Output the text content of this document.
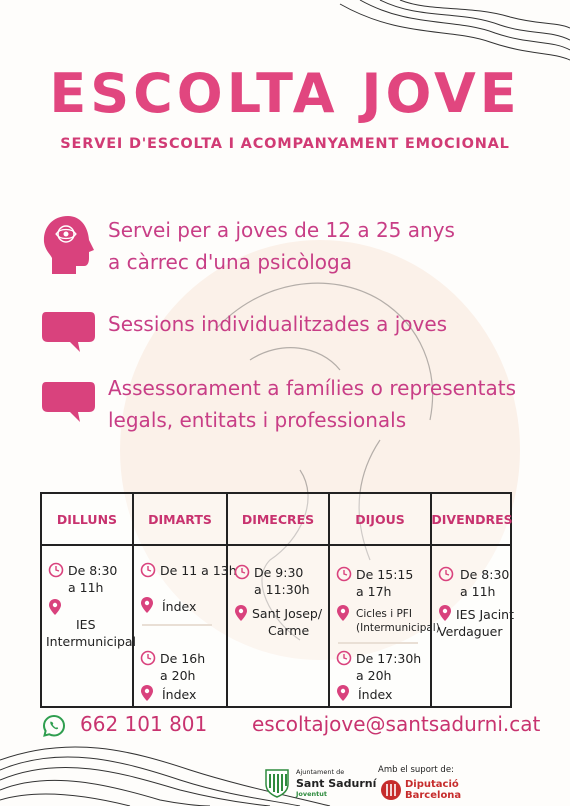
ESCOLTA JOVE
SERVEI D'ESCOLTA I ACOMPANYAMENT EMOCIONAL
Servei per a joves de 12 a 25 anys
a càrrec d'una psicòloga
Sessions individualitzades a joves
Assessorament a famílies o representats legals, entitats i professionals
DILLUNS
De 8:30
a 11h
IES
Intermunicipal
DIMARTS
De 11 a 13h
Índex
De 16h
a 20h
Índex
DIMECRES
De 9:30
a 11:30h
Sant Josep/
Carme
DIJOUS
De 15:15
a 17h
Cicles i PFI
(Intermunicipal)
De 17:30h
a 20h
Índex
DIVENDRES
De 8:30
a 11h
IES Jacint
Verdaguer
662 101 801 escoltajove@santsadurni.cat
Ajuntament de
Sant Sadurní
Joventut
Amb el suport de:
Diputació
Barcelona
